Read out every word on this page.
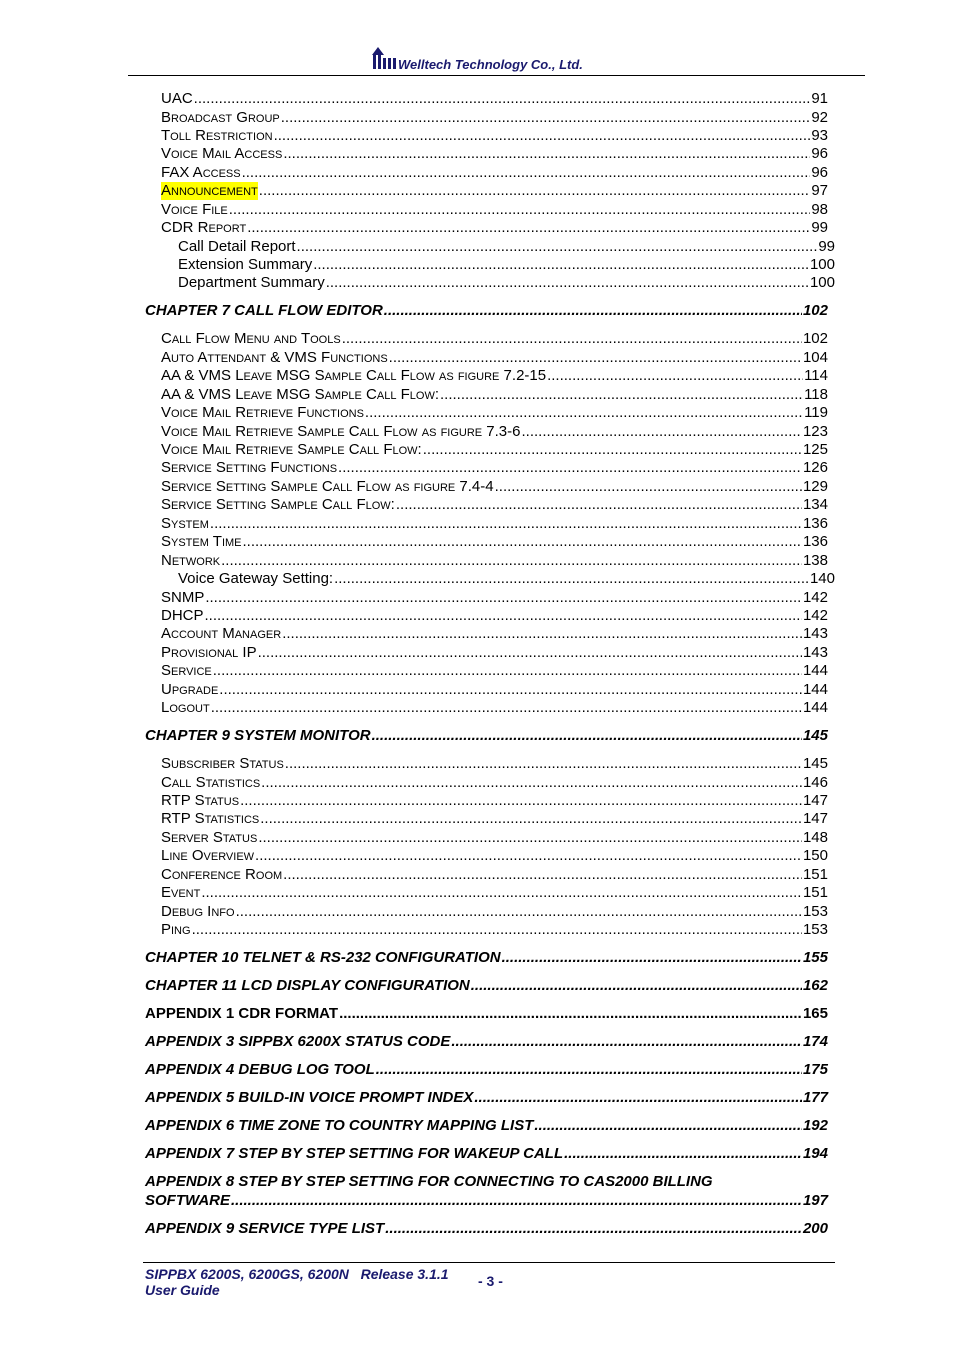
Welltech Technology Co., Ltd.
UAC .....	91
Broadcast Group .....	92
Toll Restriction .....	93
Voice Mail Access .....	96
FAX Access .....	96
Announcement .....	97
Voice File .....	98
CDR Report .....	99
Call Detail Report .....	99
Extension Summary .....	100
Department Summary .....	100
CHAPTER 7 CALL FLOW EDITOR .....	102
Call Flow Menu and Tools .....	102
Auto Attendant & VMS Functions .....	104
AA & VMS Leave MSG Sample Call Flow as figure 7.2-15 .....	114
AA & VMS Leave MSG Sample Call Flow: .....	118
Voice Mail Retrieve Functions .....	119
Voice Mail Retrieve Sample Call Flow as figure 7.3-6 .....	123
Voice Mail Retrieve Sample Call Flow: .....	125
Service Setting Functions .....	126
Service Setting Sample Call Flow as figure 7.4-4 .....	129
Service Setting Sample Call Flow: .....	134
System .....	136
System Time .....	136
Network .....	138
Voice Gateway Setting: .....	140
SNMP .....	142
DHCP .....	142
Account Manager .....	143
Provisional IP .....	143
Service .....	144
Upgrade .....	144
Logout .....	144
CHAPTER 9 SYSTEM MONITOR .....	145
Subscriber Status .....	145
Call Statistics .....	146
RTP Status .....	147
RTP Statistics .....	147
Server Status .....	148
Line Overview .....	150
Conference Room .....	151
Event .....	151
Debug Info .....	153
Ping .....	153
CHAPTER 10 TELNET & RS-232 CONFIGURATION .....	155
CHAPTER 11 LCD DISPLAY CONFIGURATION .....	162
APPENDIX 1 CDR FORMAT .....	165
APPENDIX 3 SIPPBX 6200X STATUS CODE .....	174
APPENDIX 4 DEBUG LOG TOOL .....	175
APPENDIX 5 BUILD-IN VOICE PROMPT INDEX .....	177
APPENDIX 6 TIME ZONE TO COUNTRY MAPPING LIST .....	192
APPENDIX 7 STEP BY STEP SETTING FOR WAKEUP CALL .....	194
APPENDIX 8 STEP BY STEP SETTING FOR CONNECTING TO CAS2000 BILLING
SOFTWARE .....	197
APPENDIX 9 SERVICE TYPE LIST .....	200
SIPPBX 6200S, 6200GS, 6200N   Release 3.1.1
User Guide
- 3 -
